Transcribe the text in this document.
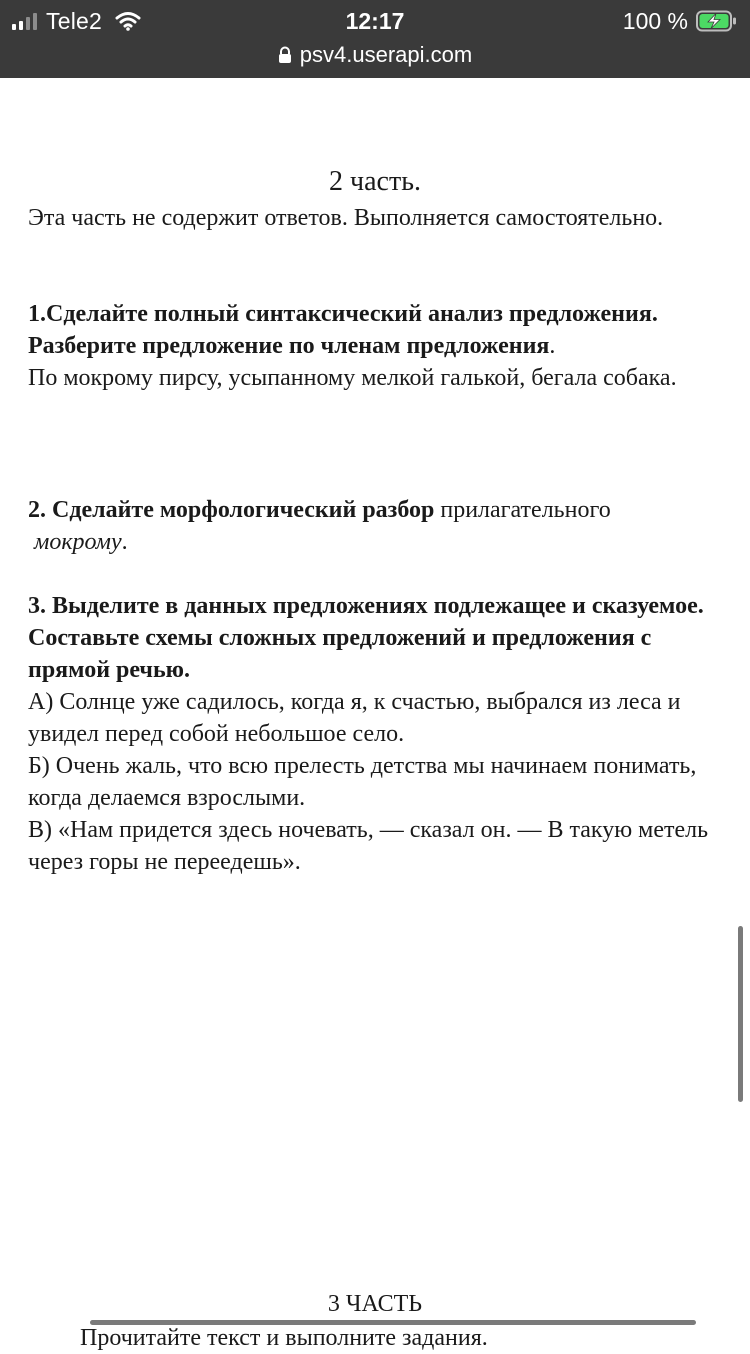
Tele2	12:17	100 %
psv4.userapi.com
2 часть.

Эта часть не содержит ответов. Выполняется самостоятельно.

1.Сделайте полный синтаксический анализ предложения. Разберите предложение по членам предложения.

По мокрому пирсу, усыпанному мелкой галькой, бегала собака.

2. Сделайте морфологический разбор прилагательного
мокрому.

3. Выделите в данных предложениях подлежащее и сказуемое. Составьте схемы сложных предложений и предложения с прямой речью.

А) Солнце уже садилось, когда я, к счастью, выбрался из леса и увидел перед собой небольшое село.

Б) Очень жаль, что всю прелесть детства мы начинаем понимать, когда делаемся взрослыми.

В) «Нам придется здесь ночевать, — сказал он. — В такую метель через горы не переедешь».

3 ЧАСТЬ
Прочитайте текст и выполните задания.
